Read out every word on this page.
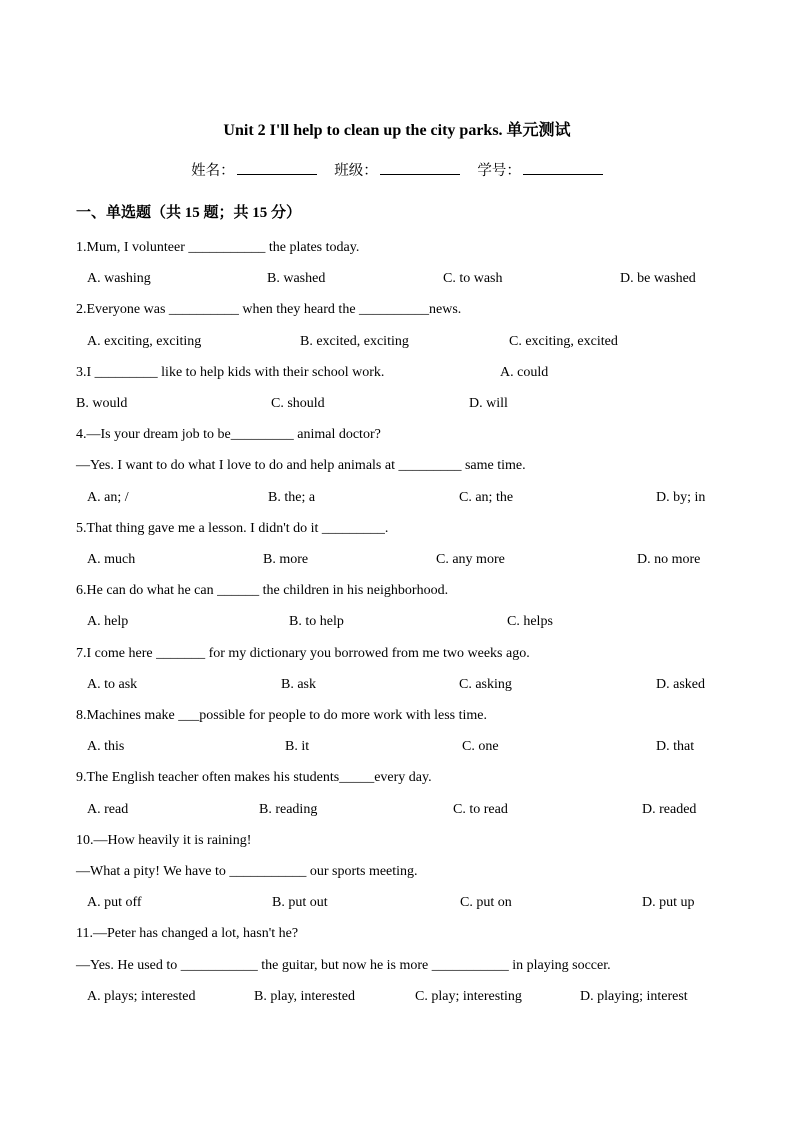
Unit 2 I'll help to clean up the city parks. 单元测试
姓名：	班级：	学号：
一、单选题（共 15 题；共 15 分）
1.Mum, I volunteer ___________ the plates today.
A. washing	B. washed	C. to wash	D. be washed
2.Everyone was __________ when they heard the __________news.
A. exciting, exciting	B. excited, exciting	C. exciting, excited
3.I _________ like to help kids with their school work.	A. could
B. would	C. should	D. will
4.—Is your dream job to be_________ animal doctor?
—Yes. I want to do what I love to do and help animals at _________ same time.
A. an; /	B. the; a	C. an; the	D. by; in
5.That thing gave me a lesson. I didn't do it _________.
A. much	B. more	C. any more	D. no more
6.He can do what he can ______ the children in his neighborhood.
A. help	B. to help	C. helps
7.I come here _______ for my dictionary you borrowed from me two weeks ago.
A. to ask	B. ask	C. asking	D. asked
8.Machines make ___possible for people to do more work with less time.
A. this	B. it	C. one	D. that
9.The English teacher often makes his students_____every day.
A. read	B. reading	C. to read	D. readed
10.—How heavily it is raining!
—What a pity! We have to ___________ our sports meeting.
A. put off	B. put out	C. put on	D. put up
11.—Peter has changed a lot, hasn't he?
—Yes. He used to ___________ the guitar, but now he is more ___________ in playing soccer.
A. plays; interested	B. play, interested	C. play; interesting	D. playing; interest
